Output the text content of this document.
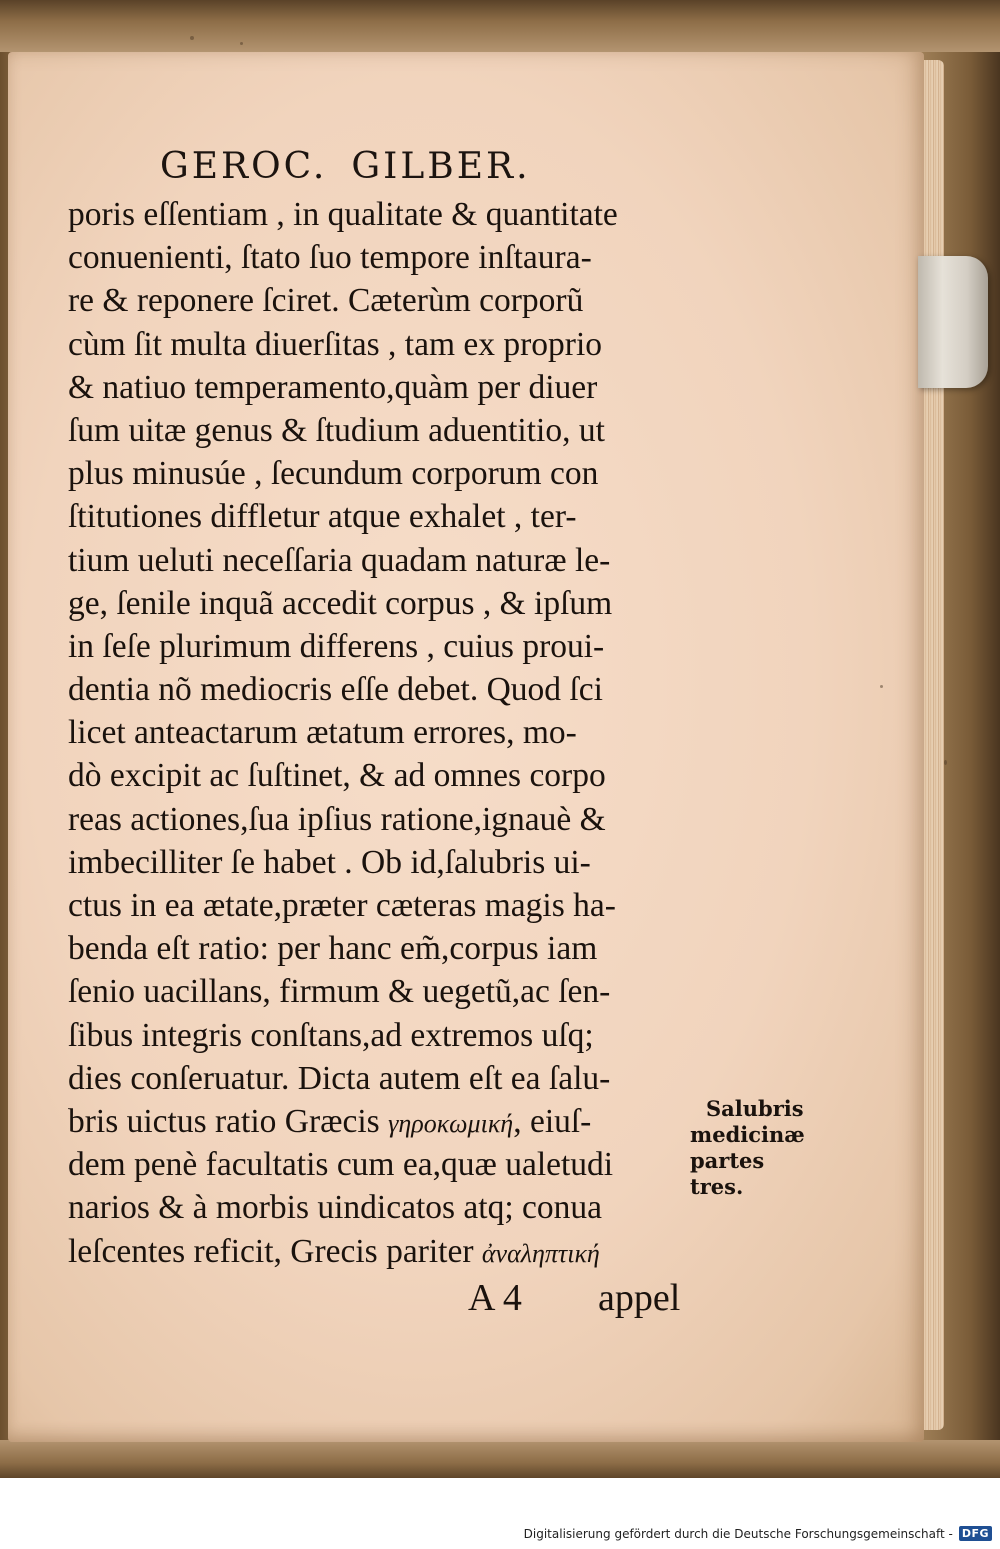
GEROC. GILBER.
poris eſſentiam , in qualitate & quantitate
conuenienti, ſtato ſuo tempore inſtaura-
re & reponere ſciret. Cæterùm corporũ
cùm ſit multa diuerſitas , tam ex proprio
& natiuo temperamento,quàm per diuer
ſum uitæ genus & ſtudium aduentitio, ut
plus minusúe , ſecundum corporum con
ſtitutiones diffletur atque exhalet , ter-
tium ueluti neceſſaria quadam naturæ le-
ge, ſenile inquã accedit corpus , & ipſum
in ſeſe plurimum differens , cuius proui-
dentia nõ mediocris eſſe debet. Quod ſci
licet anteactarum ætatum errores, mo-
dò excipit ac ſuſtinet, & ad omnes corpo
reas actiones,ſua ipſius ratione,ignauè &
imbecilliter ſe habet . Ob id,ſalubris ui-
ctus in ea ætate,præter cæteras magis ha-
benda eſt ratio: per hanc em̃,corpus iam
ſenio uacillans, firmum & uegetũ,ac ſen-
ſibus integris conſtans,ad extremos uſq;
dies conſeruatur. Dicta autem eſt ea ſalu-
bris uictus ratio Græcis
γηροκωμική , eiuſ-
dem penè facultatis cum ea,quæ ualetudi
narios & à morbis uindicatos atq; conua
leſcentes reficit, Grecis pariter
ἀναληπτική
A 4 appel
Salubris
medicinæ
partes
tres.
Digitalisierung gefördert durch die Deutsche Forschungsgemeinschaft - DFG
